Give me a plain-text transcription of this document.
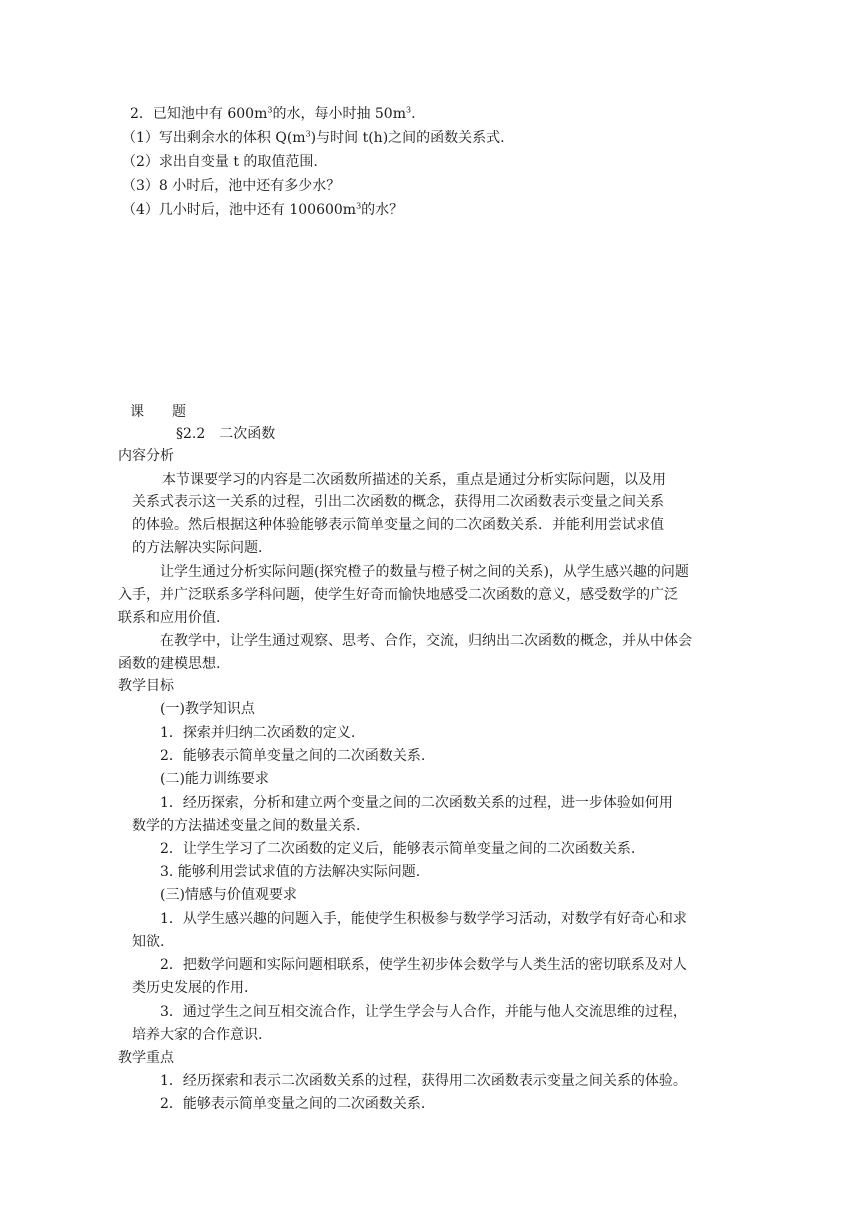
2．已知池中有 $600m^3$的水，每小时抽 $50m^3$.
（1）写出剩余水的体积 $Q(m^3)$与时间 t(h)之间的函数关系式.
（2）求出自变量 t 的取值范围.
（3）8 小时后，池中还有多少水？
（4）几小时后，池中还有 $100600m^3$的水？
课　　题
§2.2　二次函数
内容分析
本节课要学习的内容是二次函数所描述的关系，重点是通过分析实际问题，以及用
关系式表示这一关系的过程，引出二次函数的概念，获得用二次函数表示变量之间关系
的体验。然后根据这种体验能够表示简单变量之间的二次函数关系．并能利用尝试求值
的方法解决实际问题.
让学生通过分析实际问题(探究橙子的数量与橙子树之间的关系)，从学生感兴趣的问题
入手，并广泛联系多学科问题，使学生好奇而愉快地感受二次函数的意义，感受数学的广泛
联系和应用价值.
在教学中，让学生通过观察、思考、合作，交流，归纳出二次函数的概念，并从中体会
函数的建模思想.
教学目标
(一)教学知识点
1．探索并归纳二次函数的定义.
2．能够表示简单变量之间的二次函数关系.
(二)能力训练要求
1．经历探索，分析和建立两个变量之间的二次函数关系的过程，进一步体验如何用
数学的方法描述变量之间的数量关系.
2．让学生学习了二次函数的定义后，能够表示简单变量之间的二次函数关系.
3. 能够利用尝试求值的方法解决实际问题.
(三)情感与价值观要求
1．从学生感兴趣的问题入手，能使学生积极参与数学学习活动，对数学有好奇心和求
知欲.
2．把数学问题和实际问题相联系，使学生初步体会数学与人类生活的密切联系及对人
类历史发展的作用.
3．通过学生之间互相交流合作，让学生学会与人合作，并能与他人交流思维的过程，
培养大家的合作意识.
教学重点
1．经历探索和表示二次函数关系的过程，获得用二次函数表示变量之间关系的体验。
2．能够表示简单变量之间的二次函数关系.
